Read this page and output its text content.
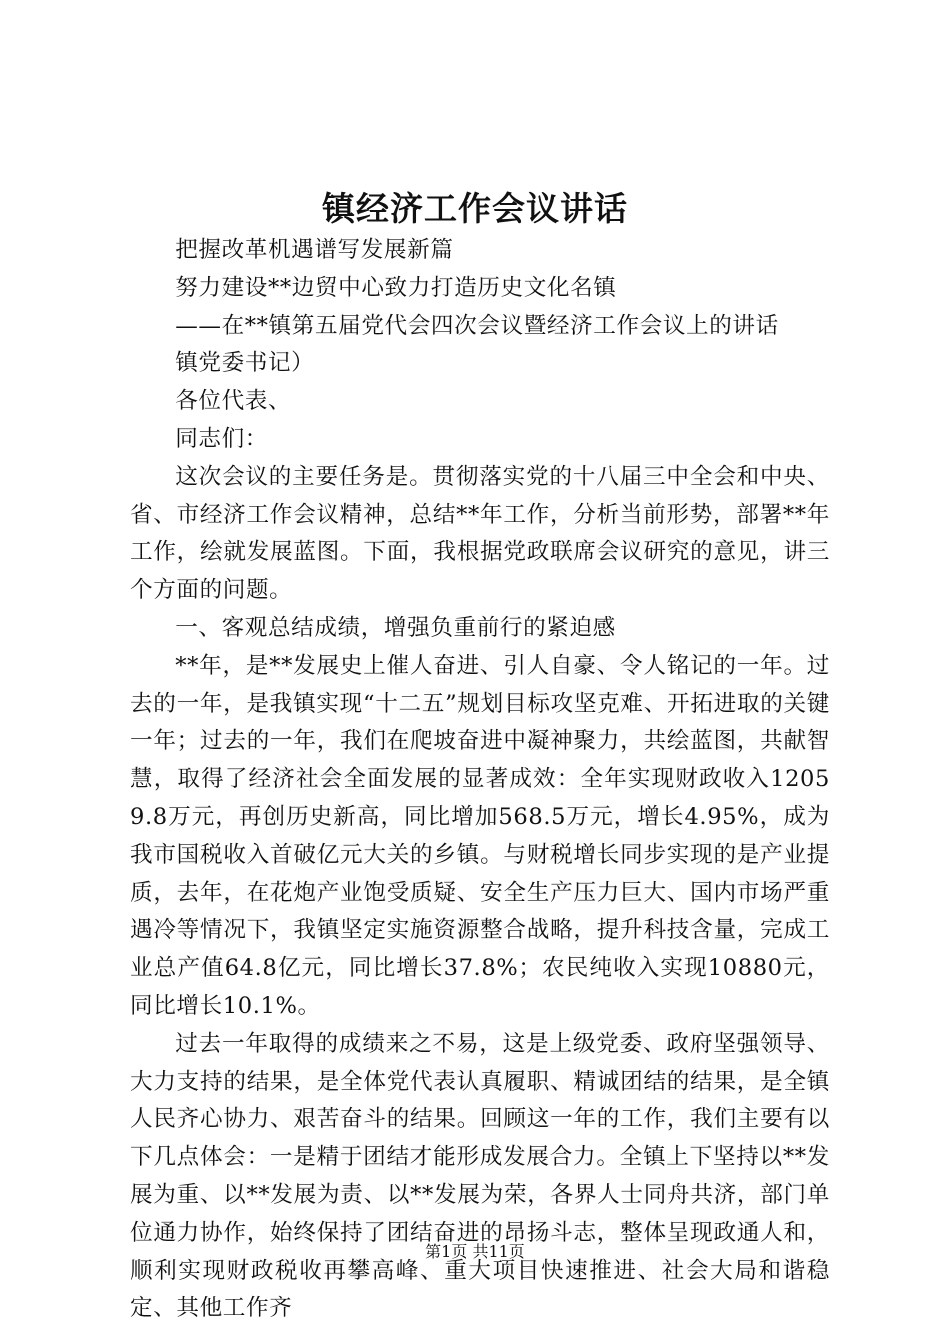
镇经济工作会议讲话

把握改革机遇谱写发展新篇

努力建设**边贸中心致力打造历史文化名镇

——在**镇第五届党代会四次会议暨经济工作会议上的讲话

镇党委书记）

各位代表、

同志们：

这次会议的主要任务是。贯彻落实党的十八届三中全会和中央、省、市经济工作会议精神，总结**年工作，分析当前形势，部署**年工作，绘就发展蓝图。下面，我根据党政联席会议研究的意见，讲三个方面的问题。

一、客观总结成绩，增强负重前行的紧迫感

**年，是**发展史上催人奋进、引人自豪、令人铭记的一年。过去的一年，是我镇实现“十二五”规划目标攻坚克难、开拓进取的关键一年；过去的一年，我们在爬坡奋进中凝神聚力，共绘蓝图，共献智慧，取得了经济社会全面发展的显著成效：全年实现财政收入12059.8万元，再创历史新高，同比增加568.5万元，增长4.95%，成为我市国税收入首破亿元大关的乡镇。与财税增长同步实现的是产业提质，去年，在花炮产业饱受质疑、安全生产压力巨大、国内市场严重遇冷等情况下，我镇坚定实施资源整合战略，提升科技含量，完成工业总产值64.8亿元，同比增长37.8%；农民纯收入实现10880元，同比增长10.1%。

过去一年取得的成绩来之不易，这是上级党委、政府坚强领导、大力支持的结果，是全体党代表认真履职、精诚团结的结果，是全镇人民齐心协力、艰苦奋斗的结果。回顾这一年的工作，我们主要有以下几点体会：一是精于团结才能形成发展合力。全镇上下坚持以**发展为重、以**发展为责、以**发展为荣，各界人士同舟共济，部门单位通力协作，始终保持了团结奋进的昂扬斗志，整体呈现政通人和，顺利实现财政税收再攀高峰、重大项目快速推进、社会大局和谐稳定、其他工作齐

第1页 共11页
